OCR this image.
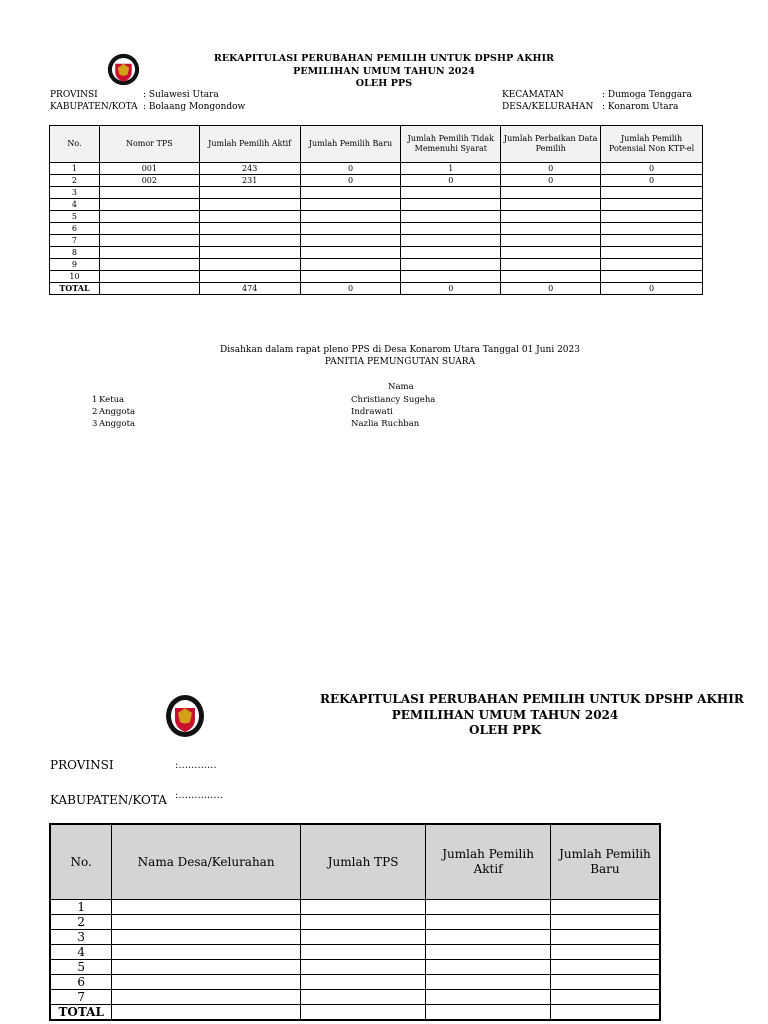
REKAPITULASI PERUBAHAN PEMILIH UNTUK DPSHP AKHIR
PEMILIHAN UMUM TAHUN 2024
OLEH PPS
PROVINSI	: Sulawesi Utara
KABUPATEN/KOTA : Bolaang Mongondow
KECAMATAN	: Dumoga Tenggara
DESA/KELURAHAN : Konarom Utara
No.	Nomor TPS	Jumlah Pemilih Aktif	Jumlah Pemilih Baru	Jumlah Pemilih Tidak Memenuhi Syarat	Jumlah Perbaikan Data Pemilih	Jumlah Pemilih Potensial Non KTP-el
1	001	243	0	1	0	0
2	002	231	0	0	0	0
3						
4						
5						
6						
7						
8						
9						
10						
TOTAL		474	0	0	0	0
Disahkan dalam rapat pleno PPS di Desa Konarom Utara Tanggal 01 Juni 2023
PANITIA PEMUNGUTAN SUARA
Nama
1 Ketua	Christiancy Sugeha
2 Anggota	Indrawati
3 Anggota	Nazlia Ruchban
REKAPITULASI PERUBAHAN PEMILIH UNTUK DPSHP AKHIR
PEMILIHAN UMUM TAHUN 2024
OLEH PPK
PROVINSI	:............
KABUPATEN/KOTA :..............
No.	Nama Desa/Kelurahan	Jumlah TPS	Jumlah Pemilih Aktif	Jumlah Pemilih Baru
1				
2				
3				
4				
5				
6				
7				
TOTAL				
